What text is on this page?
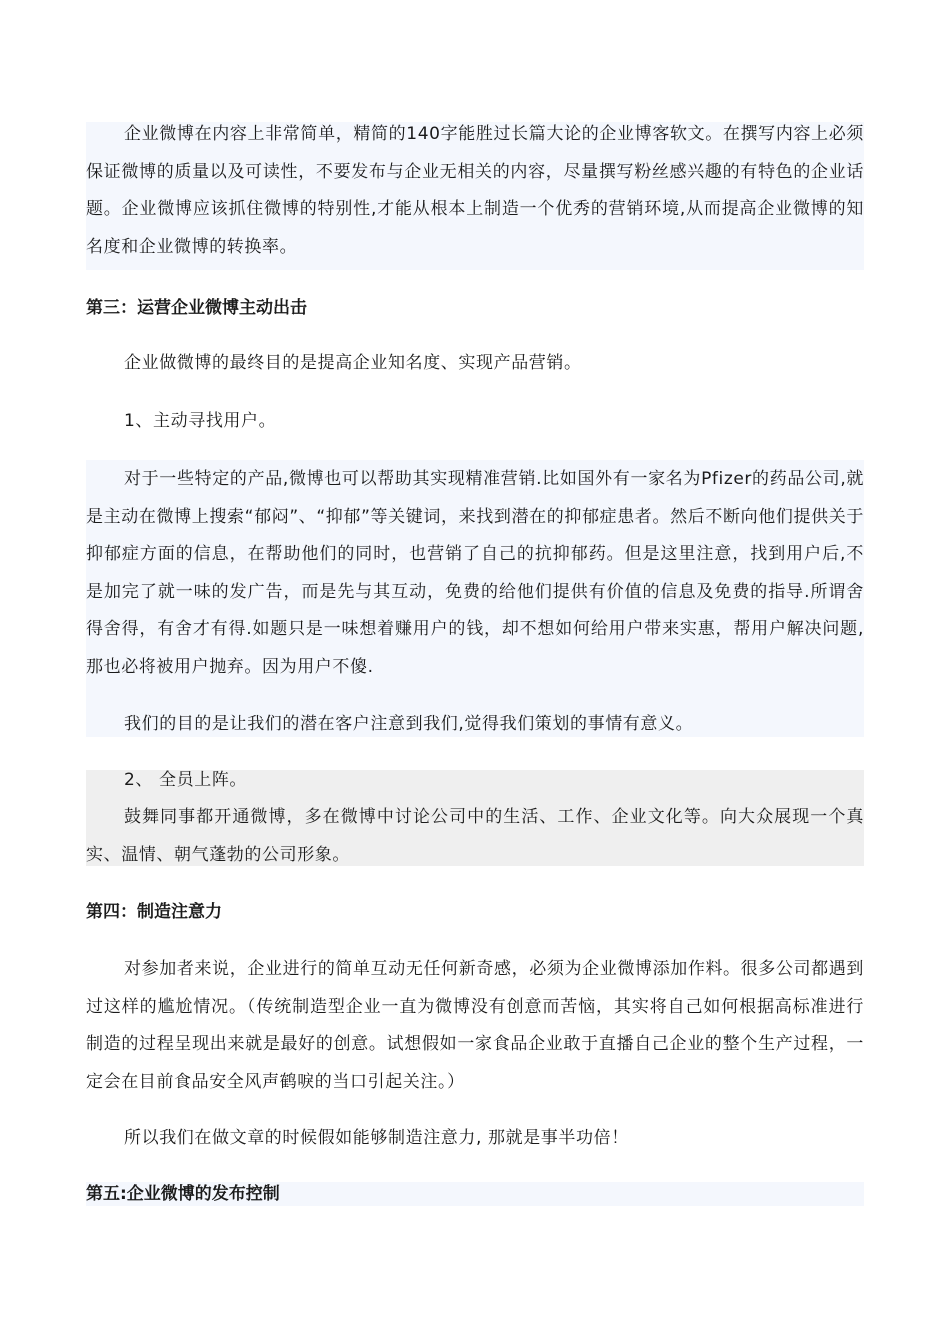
企业微博在内容上非常简单，精简的140字能胜过长篇大论的企业博客软文。在撰写内容上必须保证微博的质量以及可读性，不要发布与企业无相关的内容，尽量撰写粉丝感兴趣的有特色的企业话题。企业微博应该抓住微博的特别性,才能从根本上制造一个优秀的营销环境,从而提高企业微博的知名度和企业微博的转换率。

第三：运营企业微博主动出击

企业做微博的最终目的是提高企业知名度、实现产品营销。

1、主动寻找用户。

对于一些特定的产品,微博也可以帮助其实现精准营销.比如国外有一家名为Pfizer的药品公司,就是主动在微博上搜索“郁闷”、“抑郁”等关键词，来找到潜在的抑郁症患者。然后不断向他们提供关于抑郁症方面的信息，在帮助他们的同时，也营销了自己的抗抑郁药。但是这里注意，找到用户后,不是加完了就一味的发广告，而是先与其互动，免费的给他们提供有价值的信息及免费的指导.所谓舍得舍得，有舍才有得.如题只是一味想着赚用户的钱，却不想如何给用户带来实惠，帮用户解决问题,那也必将被用户抛弃。因为用户不傻.

我们的目的是让我们的潜在客户注意到我们,觉得我们策划的事情有意义。

2、 全员上阵。

鼓舞同事都开通微博，多在微博中讨论公司中的生活、工作、企业文化等。向大众展现一个真实、温情、朝气蓬勃的公司形象。

第四：制造注意力

对参加者来说，企业进行的简单互动无任何新奇感，必须为企业微博添加作料。很多公司都遇到过这样的尴尬情况。（传统制造型企业一直为微博没有创意而苦恼，其实将自己如何根据高标准进行制造的过程呈现出来就是最好的创意。试想假如一家食品企业敢于直播自己企业的整个生产过程，一定会在目前食品安全风声鹤唳的当口引起关注。）

所以我们在做文章的时候假如能够制造注意力, 那就是事半功倍！

第五:企业微博的发布控制
